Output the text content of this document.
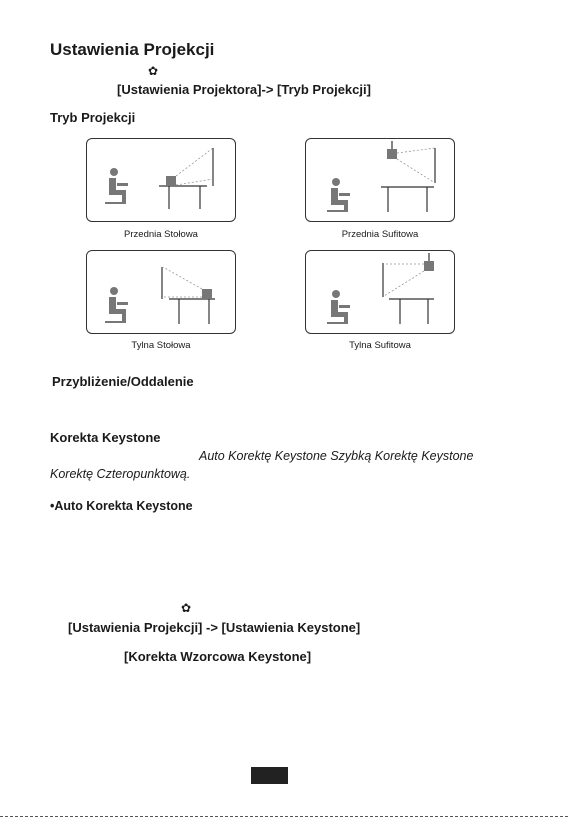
Ustawienia Projekcji
✿
[Ustawienia Projektora]-> [Tryb Projekcji]
Tryb Projekcji
Przednia Stołowa	Przednia Sufitowa
Tylna Stołowa	Tylna Sufitowa
Przybliżenie/Oddalenie
Korekta Keystone
Auto Korektę Keystone Szybką Korektę Keystone
Korektę Czteropunktową.
•Auto Korekta Keystone
✿
[Ustawienia Projekcji] -> [Ustawienia Keystone]
[Korekta Wzorcowa Keystone]
